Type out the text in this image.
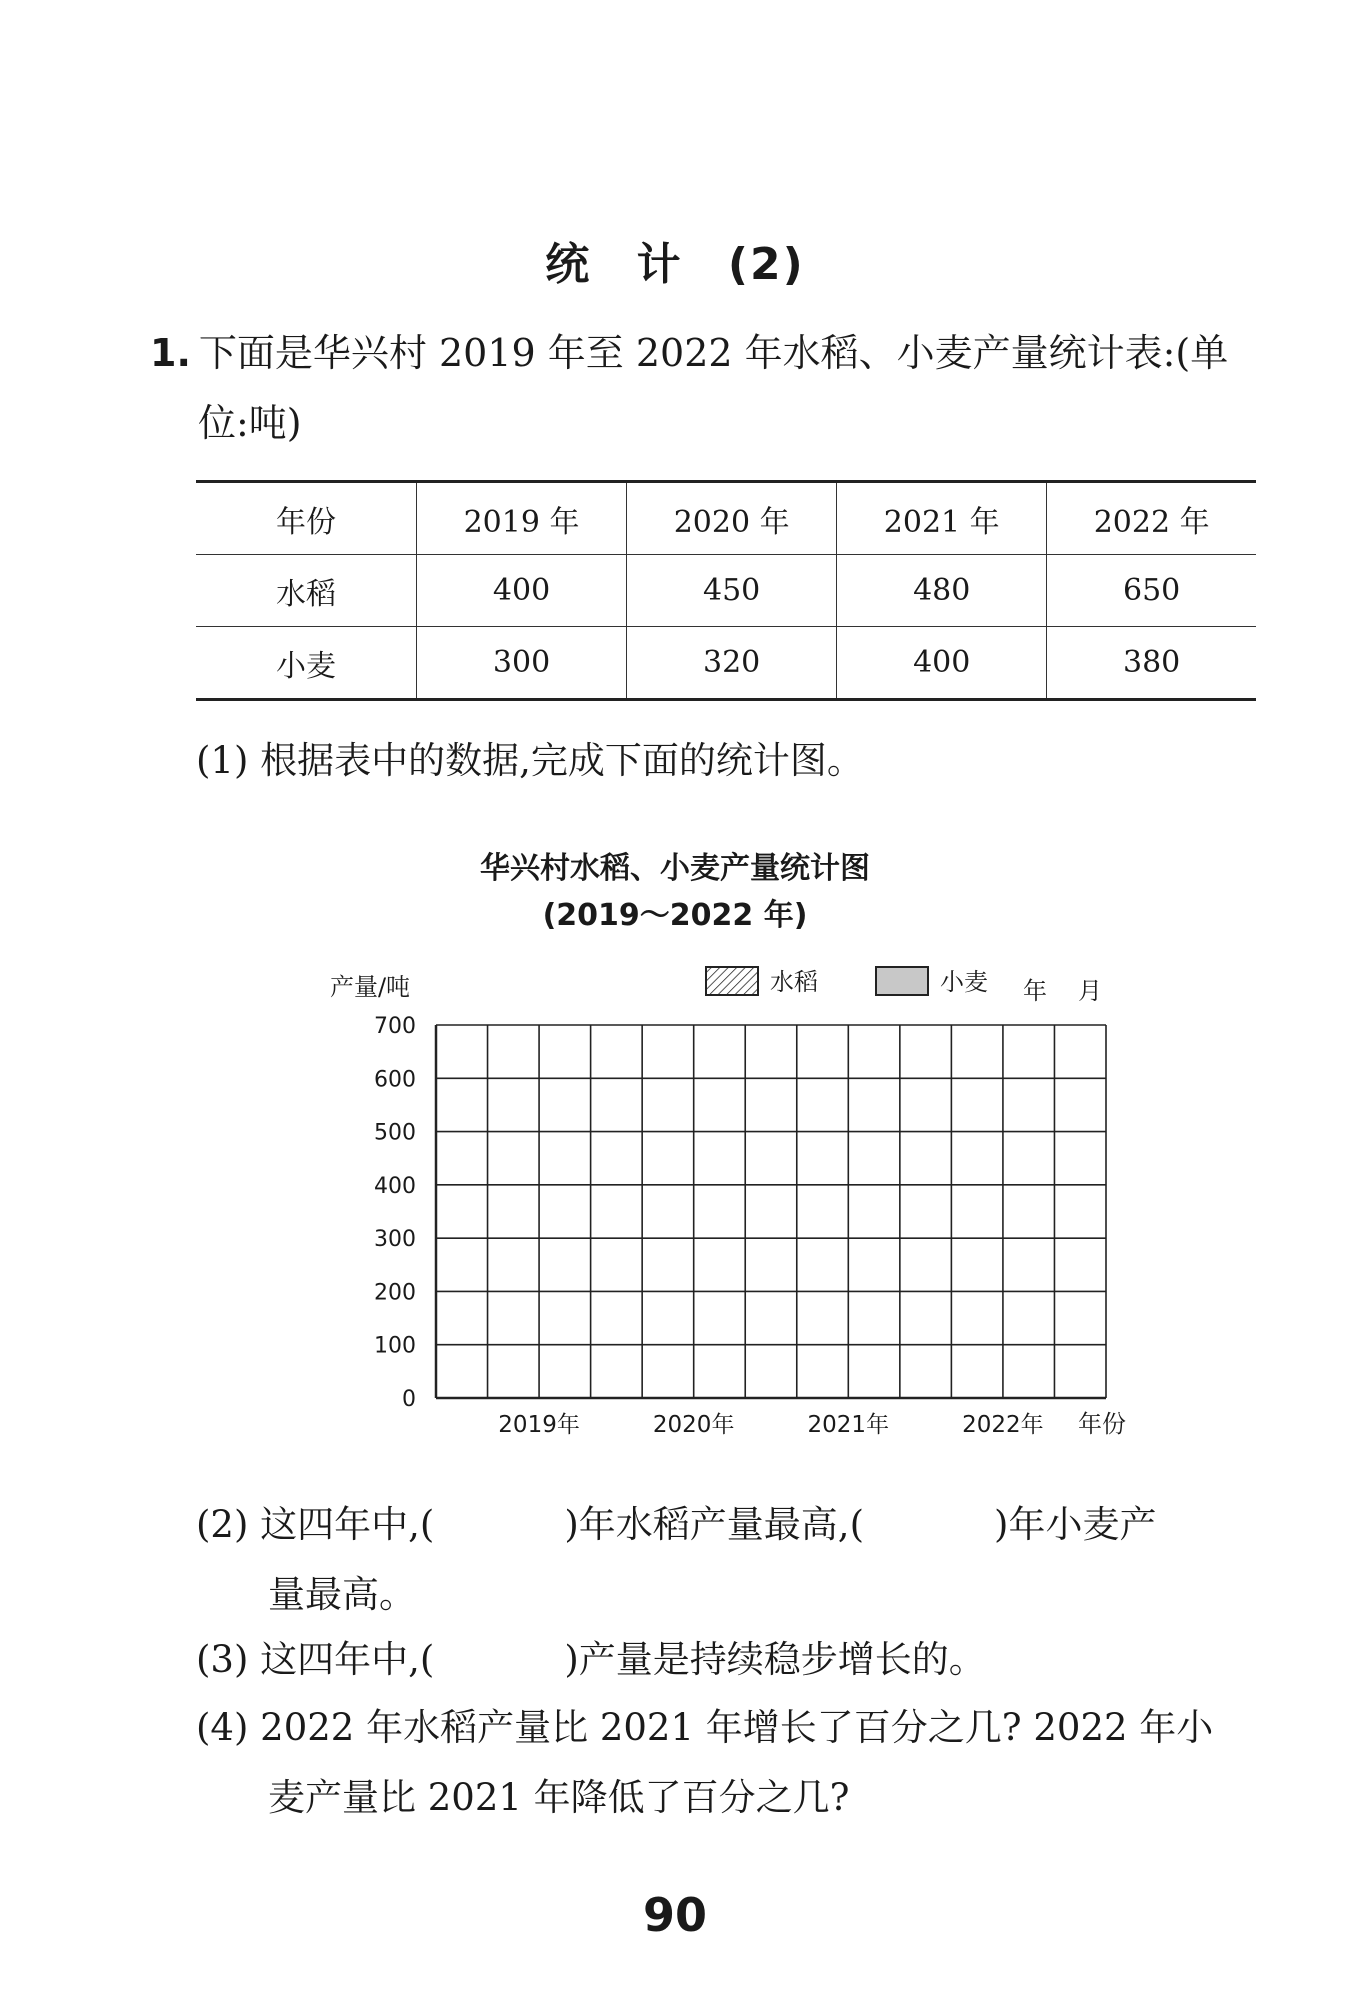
统 计 (2)
1. 下面是华兴村 2019 年至 2022 年水稻、小麦产量统计表:(单
位:吨)
年份	2019 年	2020 年	2021 年	2022 年
水稻	400	450	480	650
小麦	300	320	400	380
(1) 根据表中的数据,完成下面的统计图。
华兴村水稻、小麦产量统计图
(2019～2022 年)
产量/吨	水稻	小麦 年 月
700
600
500
400
300
200
100
0
2019年	2020年	2021年	2022年 年份
(2) 这四年中,(	)年水稻产量最高,(	)年小麦产
量最高。
(3) 这四年中,(	)产量是持续稳步增长的。
(4) 2022 年水稻产量比 2021 年增长了百分之几? 2022 年小
麦产量比 2021 年降低了百分之几?
90
